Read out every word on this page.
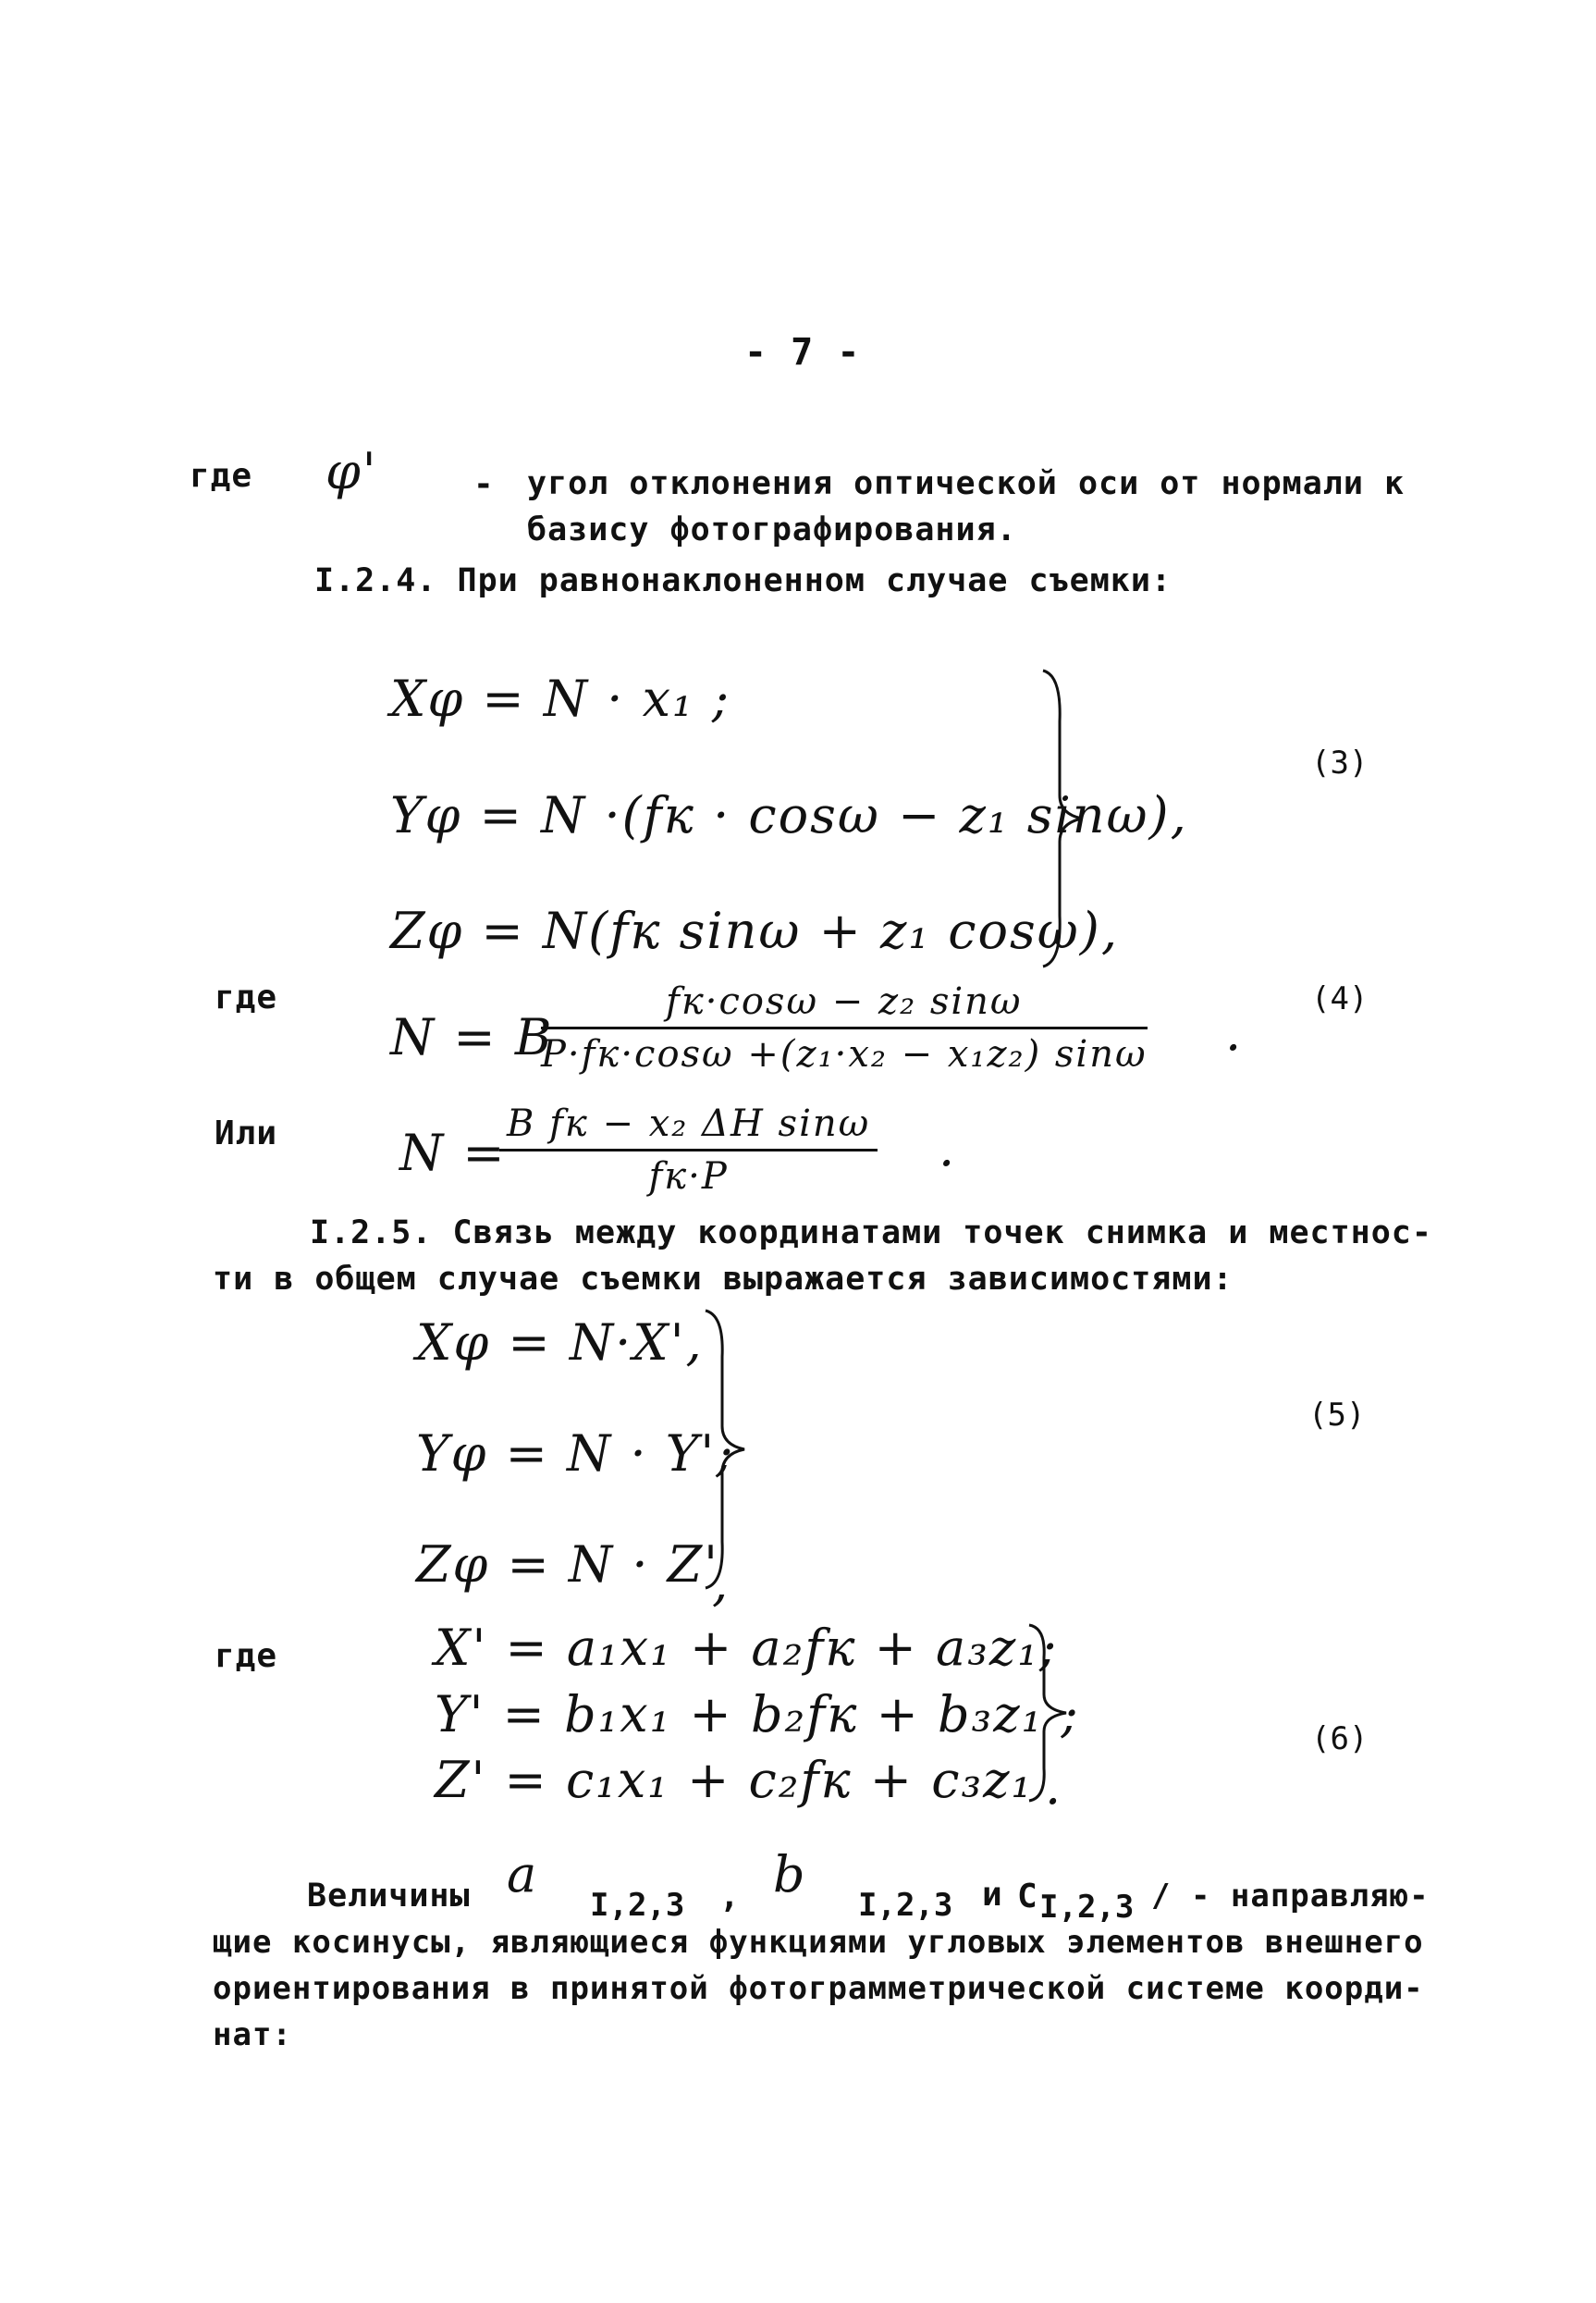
- 7 -
где φ'	- угол отклонения оптической оси от нормали к
базису фотографирования.
I.2.4. При равнонаклоненном случае съемки:
Xφ = N · x₁ ;
Yφ = N ·(fк · cosω − z₁ sinω),
Zφ = N(fк sinω + z₁ cosω),
(3)
где
N = B
fк·cosω − z₂ sinω
P·fк·cosω +(z₁·x₂ − x₁z₂) sinω .
(4)
Или N = B fк − x₂ ΔH sinω
fк·P	.
I.2.5. Связь между координатами точек снимка и местнос-
ти в общем случае съемки выражается зависимостями:
Xφ = N·X',
Yφ = N · Y';
Zφ = N · Z'
,
(5)
где	X' = a₁x₁ + a₂fк + a₃z₁;
Y' = b₁x₁ + b₂fк + b₃z₁ ;
Z' = c₁x₁ + c₂fк + c₃z₁ .
(6)
Величины a
I,2,3 , b
I,2,3 и C I,2,3 / - направляю-
щие косинусы, являющиеся функциями угловых элементов внешнего
ориентирования в принятой фотограмметрической системе коорди-
нат:
